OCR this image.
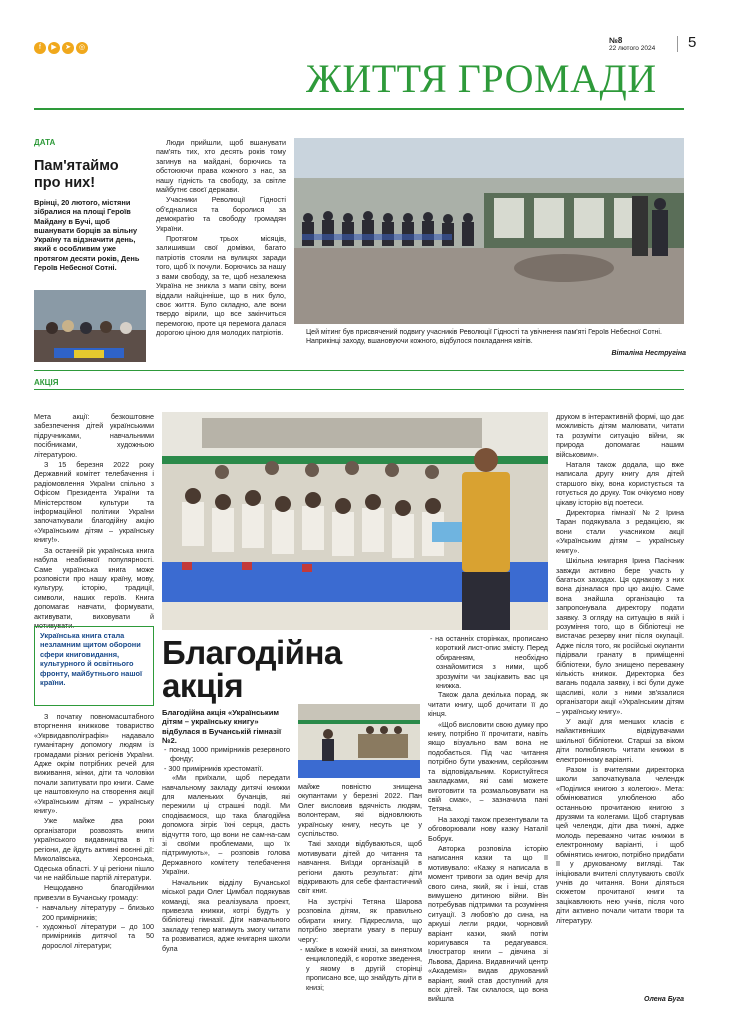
f ▶ ➤ ◎
№8
22 лютого 2024 5
ЖИТТЯ ГРОМАДИ
ДАТА
Пам'ятаймо про них!
Врінці, 20 лютого, містяни зібралися на площі Героїв Майдану в Бучі, щоб вшанувати борців за вільну Україну та відзначити день, який є особливим уже протягом десяти років, День Героїв Небесної Сотні.

Люди прийшли, щоб вшанувати пам'ять тих, хто десять років тому загинув на майдані, борючись та обстоюючи права кожного з нас, за нашу гідність та свободу, за світле майбутнє своєї держави.

Учасники Революції Гідності об'єдналися та боролися за демократію та свободу громадян України.

Протягом трьох місяців, залишивши свої домівки, багато патріотів стояли на вулицях заради того, щоб їх почули. Борючись за нашу з вами свободу, за те, щоб незалежна Україна не зникла з мапи світу, вони віддали найцінніше, що в них було, своє життя. Було складно, але вони твердо вірили, що все закінчиться перемогою, проте ця перемога далася дорогою ціною для молодих патріотів.	Цей мітинг був присвячений подвигу учасників Революції Гідності та увічнення пам'яті Героїв Небесної Сотні. Наприкінці заходу, вшановуючи кожного, відбулося покладання квітів.
Віталіна Нестругіна
АКЦІЯ

Мета акції: безкоштовне забезпечення дітей українськими підручниками, навчальними посібниками, художньою літературою.

З 15 березня 2022 року Державний комітет телебачення і радіомовлення України спільно з Офісом Президента України та Міністерством культури та інформаційної політики України започаткували благодійну акцію «Українським дітям – українську книгу!».

За останній рік українська книга набула неабиякої популярності. Саме українська книга може розповісти про нашу країну, мову, культуру, історію, традиції, символи, наших героїв. Книга допомагає навчати, формувати, активувати, виховувати й мотивувати.

Українська книга стала незламним щитом оборони сфери книговидання, культурного й освітнього фронту, майбутнього нашої країни.

З початку повномасштабного вторгнення книжкове товариство «Укрвидавполіграфія» надавало гуманітарну допомогу людям із громадами різних регіонів України. Адже окрім потрібних речей для виживання, жінки, діти та чоловіки почали запитувати про книги. Саме це наштовхнуло на створення акції «Українським дітям – українську книгу».

Уже майже два роки організатори розвозять книги українського видавництва в ті регіони, де йдуть активні воєнні дії: Миколаївська, Херсонська, Одеська області. У ці регіони пішло чи не найбільше партій літератури.

Нещодавно благодійники привезли в Бучанську громаду:

- навчальну літературу – близько 200 примірників;
- художньої літератури – до 100 примірників дитячої та 50 дорослої літератури;
Благодійна акція
Благодійна акція «Українським дітям – українську книгу» відбулася в Бучанській гімназії №2.
- понад 1000 примірників резервного фонду;
- 300 примірників хрестоматії.

«Ми приїхали, щоб передати навчальному закладу дитячі книжки для маленьких бучанців, які пережили ці страшні події. Ми сподіваємося, що така благодійна допомога зігріє їхні серця, дасть відчуття того, що вони не сам-на-сам зі своїми проблемами, що їх підтримують», – розповів голова Державного комітету телебачення України.

Начальник відділу Бучанської міської ради Олег Цимбал подякував команді, яка реалізувала проект, привезла книжки, котрі будуть у бібліотеці гімназії. Діти навчального закладу тепер матимуть змогу читати та розвиватися, адже книгарня школи була

майже повністю знищена окупантами у березні 2022. Пан Олег висловив вдячність людям, волонтерам, які відновлюють українську книгу, несуть це у суспільство.

Такі заходи відбуваються, щоб мотивувати дітей до читання та навчання. Виїзди організацій в регіони дають результат: діти відкривають для себе фантастичний світ книг.

На зустрічі Тетяна Шарова розповіла дітям, як правильно обирати книгу. Підкреслила, що потрібно звертати увагу в першу чергу:

- майже в кожній книзі, за винятком енциклопедій, є коротке зведення, у якому в другій сторінці прописано все, що знайдуть діти в книзі;
- на останніх сторінках, прописано короткий лист-опис змісту. Перед обиранням, необхідно ознайомитися з ними, щоб зрозуміти чи зацікавить вас ця книжка.

Також дала декілька порад, як читати книгу, щоб дочитати її до кінця.

«Щоб висловити свою думку про книгу, потрібно її прочитати, навіть якщо візуально вам вона не подобається. Під час читання потрібно бути уважним, серйозним та відповідальним. Користуйтеся закладками, які самі можете виготовити та розмальовувати на свій смак», – зазначила пані Тетяна.

На заході також презентували та обговорювали нову казку Наталії Бобрук.

Авторка розповіла історію написання казки та що її мотивувало: «Казку я написала в момент тривоги за один вечір для свого сина, який, як і інші, став вимушено дитиною війни. Він потребував підтримки та розуміння ситуації. З любов'ю до сина, на аркуші легли рядки, чорновий варіант казки, який потім коригувався та редагувався. Ілюстратор книги – дівчина зі Львова, Дарина. Видавничий центр «Академія» видав друкований варіант, який став доступний для всіх дітей. Так склалося, що вона вийшла

друком в інтерактивній формі, що дає можливість дітям малювати, читати та розуміти ситуацію війни, як природа допомагає нашим військовим».

Наталя також додала, що вже написала другу книгу для дітей старшого віку, вона користується та готується до друку. Тож очікуємо нову цікаву історію від поетеси.

Директорка гімназії №2 Ірина Таран подякувала з редакцією, як вони стали учасником акції «Українським дітям – українську книгу».

Шкільна книгарня Ірина Пасічник завжди активно бере участь у багатьох заходах. Ця однакову з них вона дізналася про цю акцію. Саме вона знайшла організацію та запропонувала директору подати заявку. З огляду на ситуацію в якій і розуміння того, що в бібліотеці не вистачає резерву книг після окупації. Адже після того, як російські окупанти підірвали гранату в приміщенні бібліотеки, було знищено переважну кількість книжок. Директорка без вагань подала заявку, і всі були дуже щасливі, коли з ними зв'язалися організатори акції «Українським дітям – українську книгу».

У акції для менших класів є найактивніших відвідувачами шкільної бібліотеки. Старші за віком діти полюбляють читати книжки в електронному варіанті.

Разом із вчителями директорка школи започаткувала челендж «Поділися книгою з колегою». Мета: обмінюватися улюбленою або останньою прочитаною книгою з друзями та колегами. Щоб стартував цей челендж, діти два тижні, адже молодь переважно читає книжки в електронному варіанті, і щоб обмінятись книгою, потрібно придбати її у друкованому вигляді. Так ініціювали вчителі сплутувають свої/х учнів до читання. Вони діляться сюжетом прочитаної книги та зацікавлюють нею учнів, після чого діти активно почали читати твори та літературу.

Олена Буга
